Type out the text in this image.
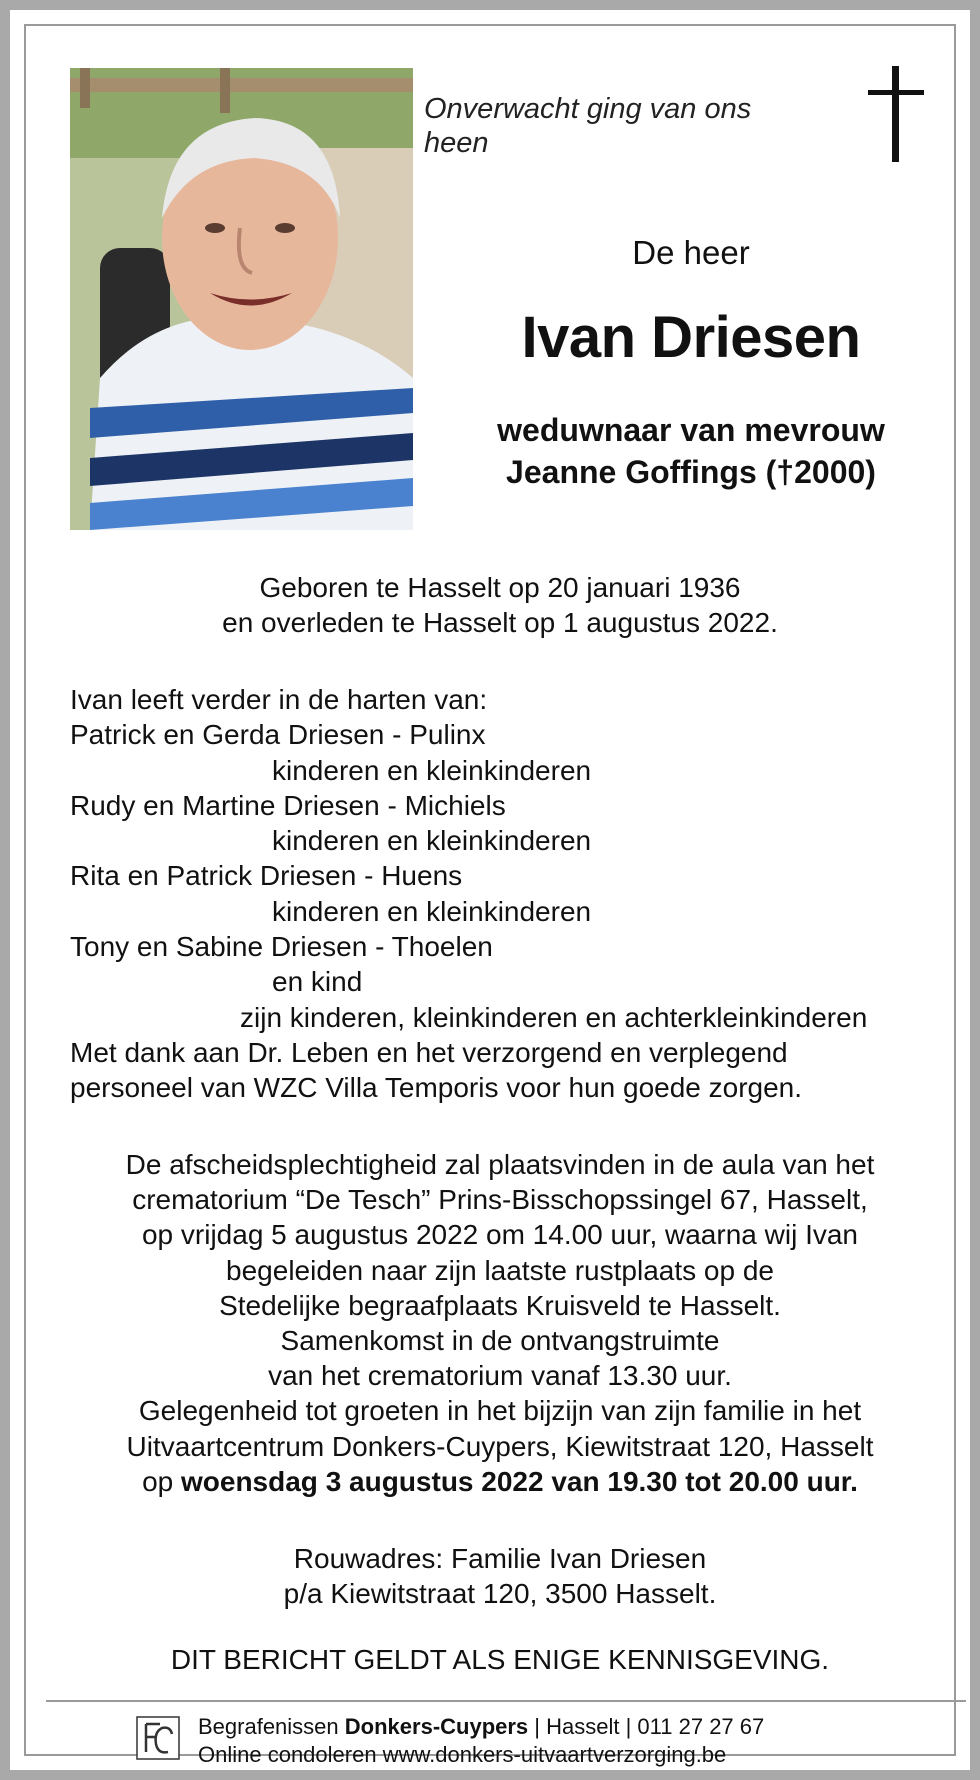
Onverwacht ging van ons heen
De heer
Ivan Driesen
weduwnaar van mevrouw
Jeanne Goffings (†2000)
Geboren te Hasselt op 20 januari 1936
en overleden te Hasselt op 1 augustus 2022.
Ivan leeft verder in de harten van:
Patrick en Gerda Driesen - Pulinx
kinderen en kleinkinderen
Rudy en Martine Driesen - Michiels
kinderen en kleinkinderen
Rita en Patrick Driesen - Huens
kinderen en kleinkinderen
Tony en Sabine Driesen - Thoelen
en kind
zijn kinderen, kleinkinderen en achterkleinkinderen
Met dank aan Dr. Leben en het verzorgend en verplegend
personeel van WZC Villa Temporis voor hun goede zorgen.
De afscheidsplechtigheid zal plaatsvinden in de aula van het
crematorium “De Tesch” Prins-Bisschopssingel 67, Hasselt,
op vrijdag 5 augustus 2022 om 14.00 uur, waarna wij Ivan
begeleiden naar zijn laatste rustplaats op de
Stedelijke begraafplaats Kruisveld te Hasselt.
Samenkomst in de ontvangstruimte
van het crematorium vanaf 13.30 uur.
Gelegenheid tot groeten in het bijzijn van zijn familie in het
Uitvaartcentrum Donkers-Cuypers, Kiewitstraat 120, Hasselt
op woensdag 3 augustus 2022 van 19.30 tot 20.00 uur.
Rouwadres: Familie Ivan Driesen
p/a Kiewitstraat 120, 3500 Hasselt.
DIT BERICHT GELDT ALS ENIGE KENNISGEVING.
Begrafenissen Donkers-Cuypers | Hasselt | 011 27 27 67
Online condoleren www.donkers-uitvaartverzorging.be
